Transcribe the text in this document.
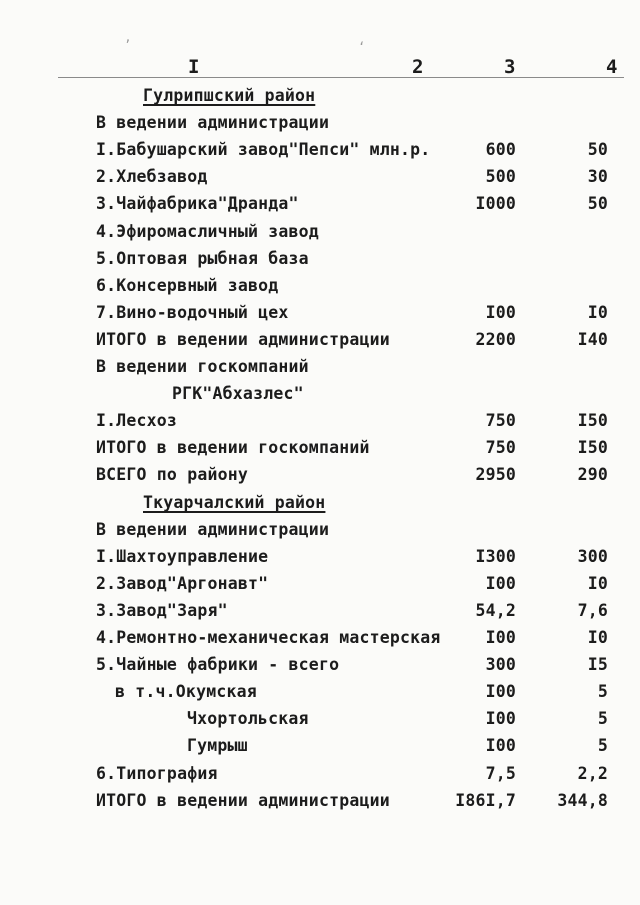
ʼ	ʻ
I	2	3	4
Гулрипшский район
В ведении администрации
I.Бабушарский завод"Пепси" млн.р.	600	50
2.Хлебзавод	500	30
3.Чайфабрика"Дранда"	I000	50
4.Эфиромасличный завод
5.Оптовая рыбная база
6.Консервный завод
7.Вино-водочный цех	I00	I0
ИТОГО в ведении администрации	2200	I40
В ведении госкомпаний
РГК"Абхазлес"
I.Лесхоз	750	I50
ИТОГО в ведении госкомпаний	750	I50
ВСЕГО по району	2950	290
Ткуарчалский район
В ведении администрации
I.Шахтоуправление	I300	300
2.Завод"Аргонавт"	I00	I0
3.Завод"Заря"	54,2	7,6
4.Ремонтно-механическая мастерская	I00	I0
5.Чайные фабрики - всего	300	I5
в т.ч.Окумская	I00	5
Чхортольская	I00	5
Гумрыш	I00	5
6.Типография	7,5	2,2
ИТОГО в ведении администрации	I86I,7	344,8
